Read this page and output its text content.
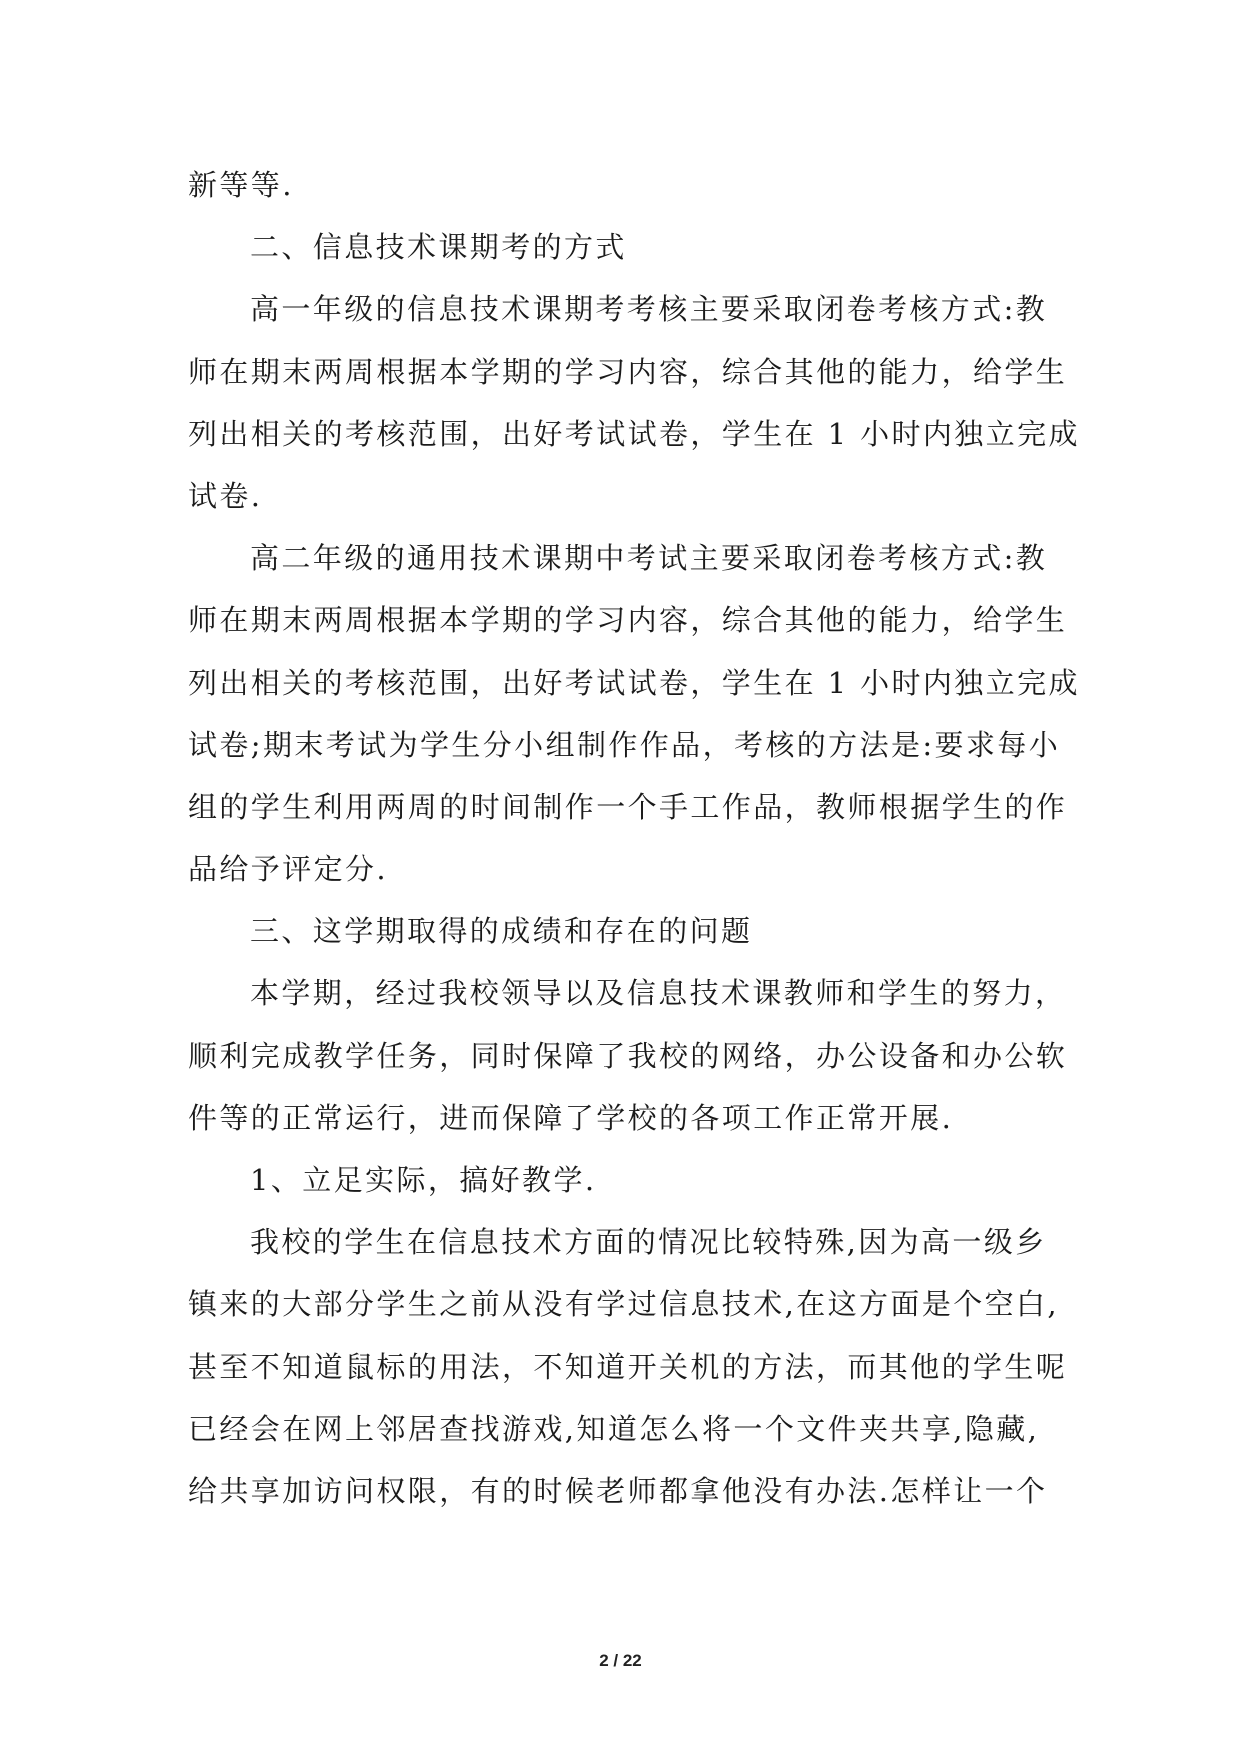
新等等.
二、信息技术课期考的方式
高一年级的信息技术课期考考核主要采取闭卷考核方式:教
师在期末两周根据本学期的学习内容，综合其他的能力，给学生
列出相关的考核范围，出好考试试卷，学生在 1 小时内独立完成
试卷.
高二年级的通用技术课期中考试主要采取闭卷考核方式:教
师在期末两周根据本学期的学习内容，综合其他的能力，给学生
列出相关的考核范围，出好考试试卷，学生在 1 小时内独立完成
试卷;期末考试为学生分小组制作作品，考核的方法是:要求每小
组的学生利用两周的时间制作一个手工作品，教师根据学生的作
品给予评定分.
三、这学期取得的成绩和存在的问题
本学期，经过我校领导以及信息技术课教师和学生的努力，
顺利完成教学任务，同时保障了我校的网络，办公设备和办公软
件等的正常运行，进而保障了学校的各项工作正常开展.
1、立足实际，搞好教学.
我校的学生在信息技术方面的情况比较特殊,因为高一级乡
镇来的大部分学生之前从没有学过信息技术,在这方面是个空白,
甚至不知道鼠标的用法，不知道开关机的方法，而其他的学生呢
已经会在网上邻居查找游戏,知道怎么将一个文件夹共享,隐藏,
给共享加访问权限，有的时候老师都拿他没有办法.怎样让一个
2 / 22
